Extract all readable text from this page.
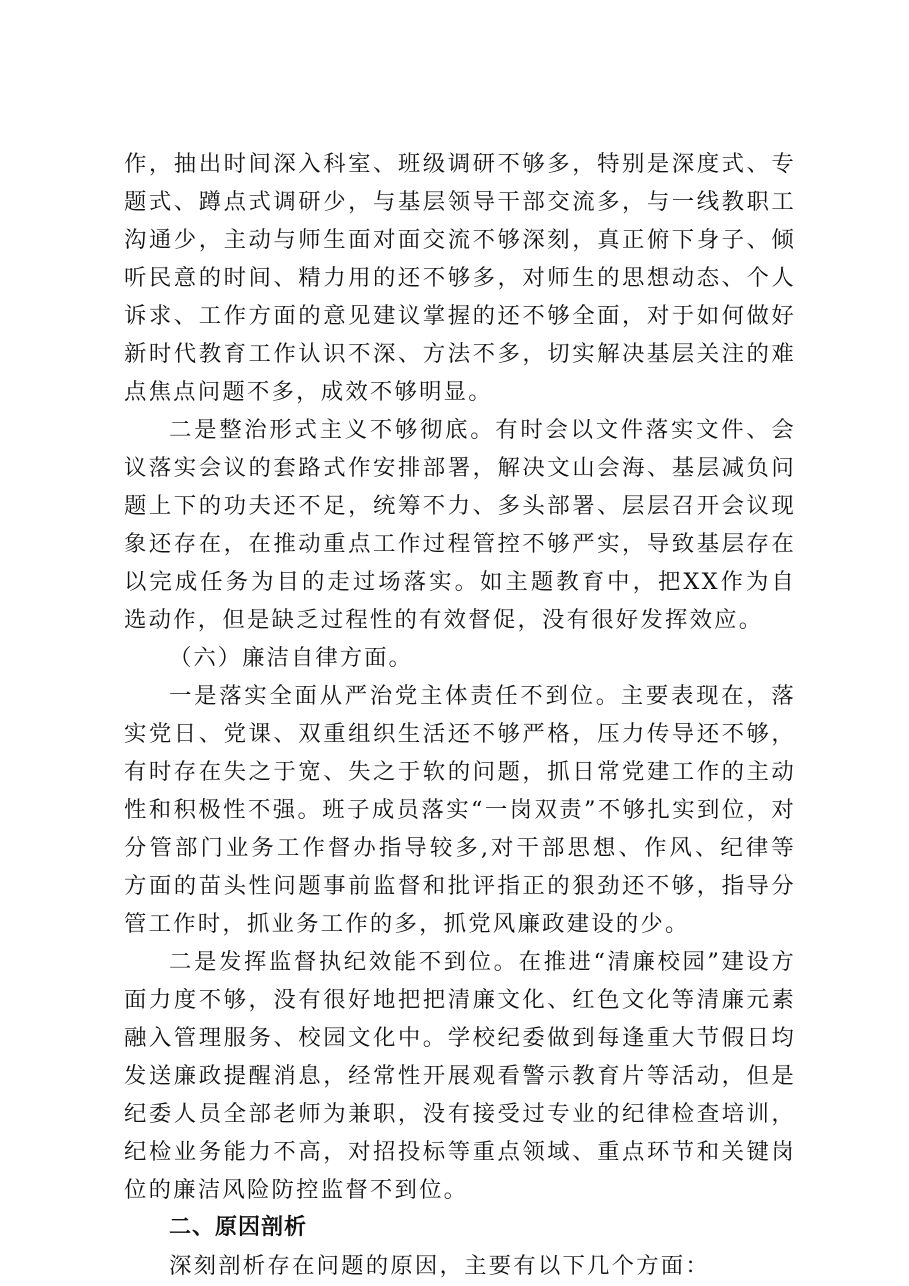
作，抽出时间深入科室、班级调研不够多，特别是深度式、专题式、蹲点式调研少，与基层领导干部交流多，与一线教职工沟通少，主动与师生面对面交流不够深刻，真正俯下身子、倾听民意的时间、精力用的还不够多，对师生的思想动态、个人诉求、工作方面的意见建议掌握的还不够全面，对于如何做好新时代教育工作认识不深、方法不多，切实解决基层关注的难点焦点问题不多，成效不够明显。

二是整治形式主义不够彻底。有时会以文件落实文件、会议落实会议的套路式作安排部署，解决文山会海、基层减负问题上下的功夫还不足，统筹不力、多头部署、层层召开会议现象还存在，在推动重点工作过程管控不够严实，导致基层存在以完成任务为目的走过场落实。如主题教育中，把XX作为自选动作，但是缺乏过程性的有效督促，没有很好发挥效应。

（六）廉洁自律方面。

一是落实全面从严治党主体责任不到位。主要表现在，落实党日、党课、双重组织生活还不够严格，压力传导还不够，有时存在失之于宽、失之于软的问题，抓日常党建工作的主动性和积极性不强。班子成员落实“一岗双责”不够扎实到位，对分管部门业务工作督办指导较多,对干部思想、作风、纪律等方面的苗头性问题事前监督和批评指正的狠劲还不够，指导分管工作时，抓业务工作的多，抓党风廉政建设的少。

二是发挥监督执纪效能不到位。在推进“清廉校园”建设方面力度不够，没有很好地把把清廉文化、红色文化等清廉元素融入管理服务、校园文化中。学校纪委做到每逢重大节假日均发送廉政提醒消息，经常性开展观看警示教育片等活动，但是纪委人员全部老师为兼职，没有接受过专业的纪律检查培训，纪检业务能力不高，对招投标等重点领域、重点环节和关键岗位的廉洁风险防控监督不到位。

二、原因剖析

深刻剖析存在问题的原因，主要有以下几个方面：
